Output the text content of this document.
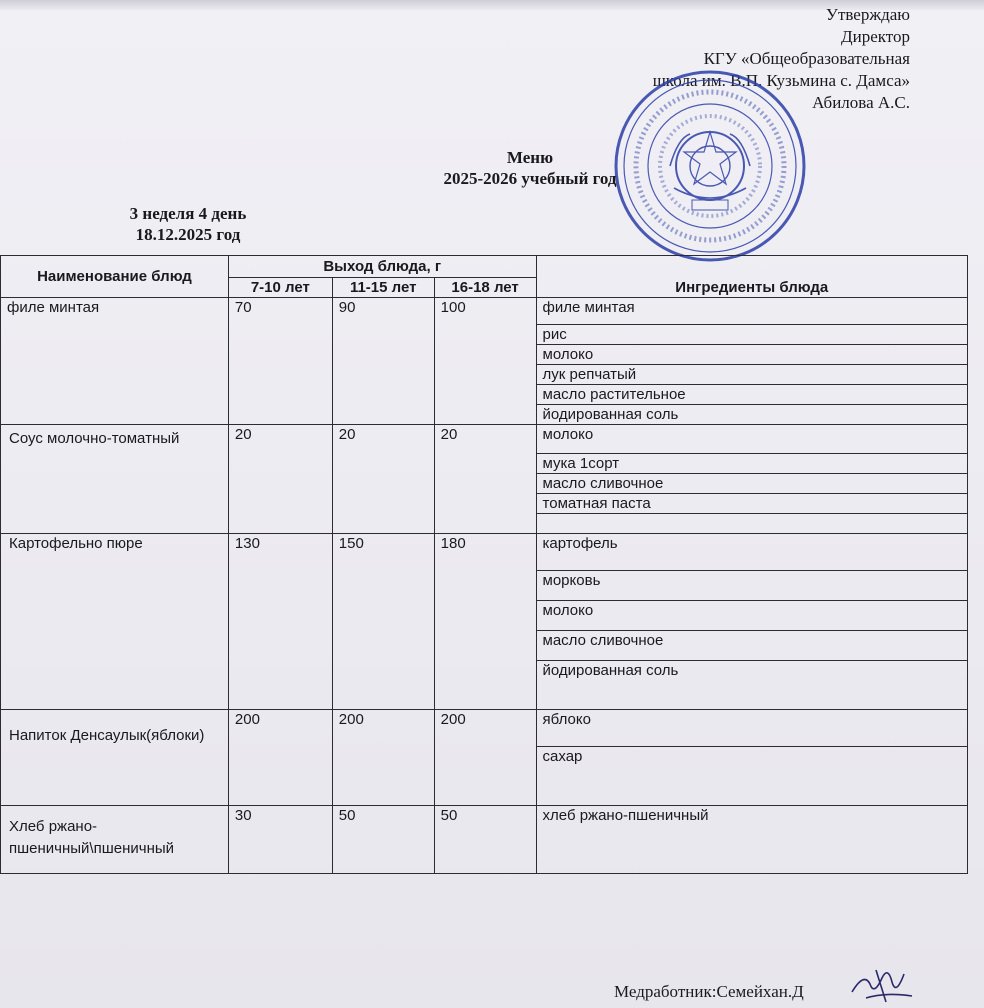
Утверждаю
Директор
КГУ «Общеобразовательная
школа им. В.П. Кузьмина с. Дамса»
Абилова А.С.
Меню
2025-2026 учебный год
3 неделя 4 день
18.12.2025 год
Наименование блюд	Выход блюда, г			Ингредиенты блюда
	7-10 лет	11-15 лет	16-18 лет	
филе минтая	70	90	100	филе минтая
				рис
				молоко
				лук репчатый
				масло растительное
				йодированная соль
Соус молочно-томатный	20	20	20	молоко
				мука 1сорт
				масло сливочное
				томатная паста

Картофельно пюре	130	150	180	картофель
				морковь
				молоко
				масло сливочное
				йодированная соль
Напиток Денсаулык(яблоки)	200	200	200	яблоко
				сахар
Хлеб ржано-пшеничный\пшеничный	30	50	50	хлеб ржано-пшеничный
Медработник:Семейхан.Д
